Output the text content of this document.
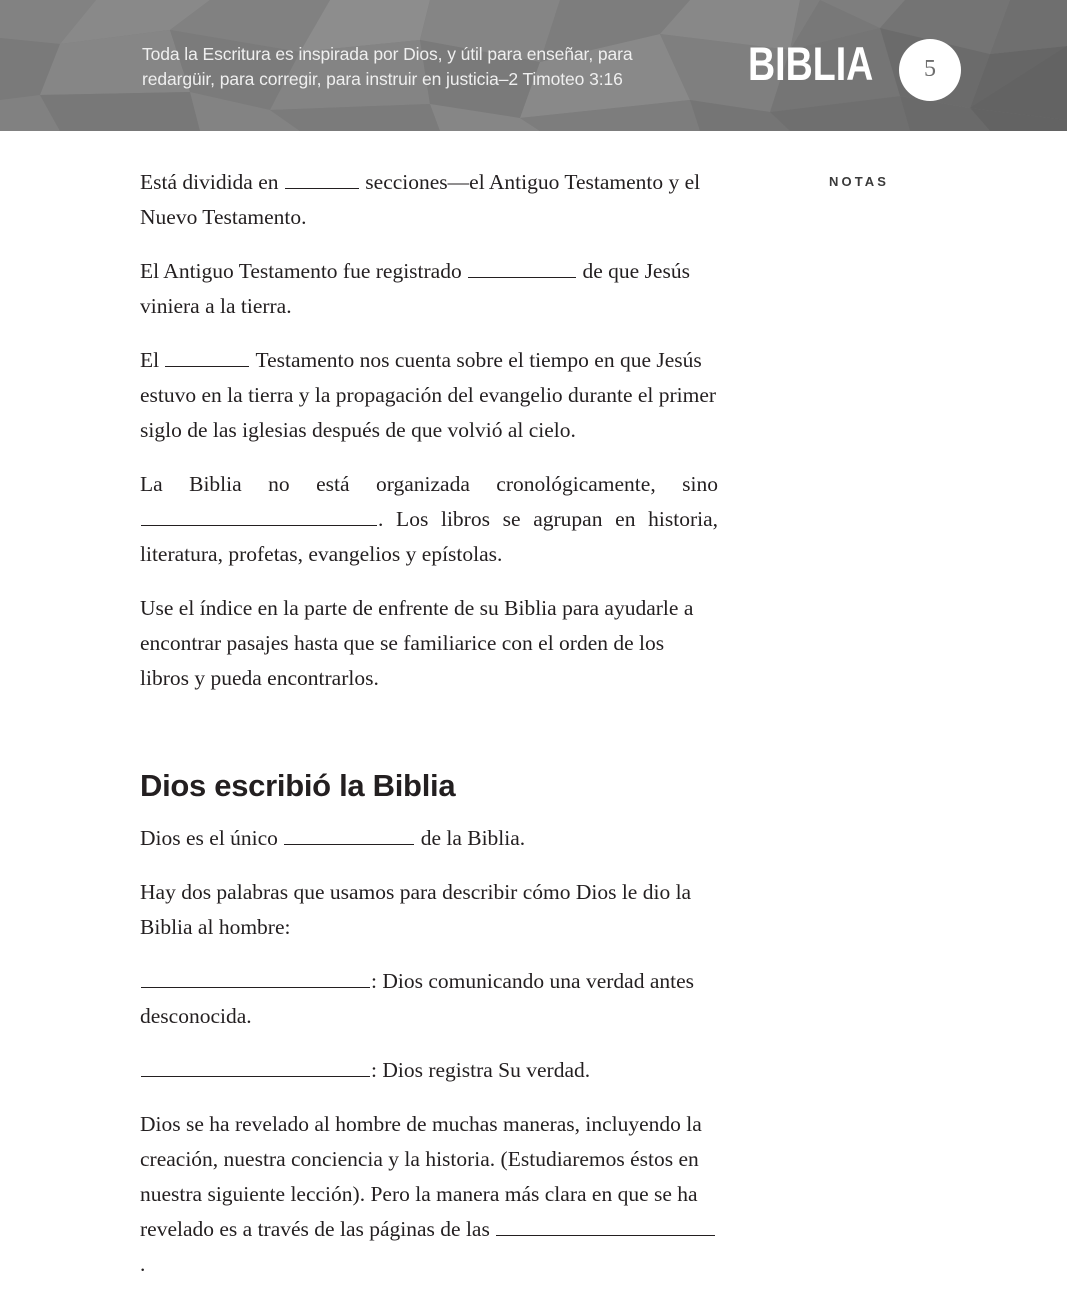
Toda la Escritura es inspirada por Dios, y útil para enseñar, para redargüir, para corregir, para instruir en justicia–2 Timoteo 3:16	BIBLIA	5
NOTAS

Está dividida en	secciones—el Antiguo Testamento y el Nuevo Testamento.

El Antiguo Testamento fue registrado	de que Jesús viniera a la tierra.

El	Testamento nos cuenta sobre el tiempo en que Jesús estuvo en la tierra y la propagación del evangelio durante el primer siglo de las iglesias después de que volvió al cielo.

La Biblia no está organizada cronológicamente, sino . Los libros se agrupan en historia, literatura, profetas, evangelios y epístolas.

Use el índice en la parte de enfrente de su Biblia para ayudarle a encontrar pasajes hasta que se familiarice con el orden de los libros y pueda encontrarlos.

Dios escribió la Biblia

Dios es el único	de la Biblia.

Hay dos palabras que usamos para describir cómo Dios le dio la Biblia al hombre:

: Dios comunicando una verdad antes desconocida.

: Dios registra Su verdad.

Dios se ha revelado al hombre de muchas maneras, incluyendo la creación, nuestra conciencia y la historia. (Estudiaremos éstos en nuestra siguiente lección). Pero la manera más clara en que se ha revelado es a través de las páginas de las .
